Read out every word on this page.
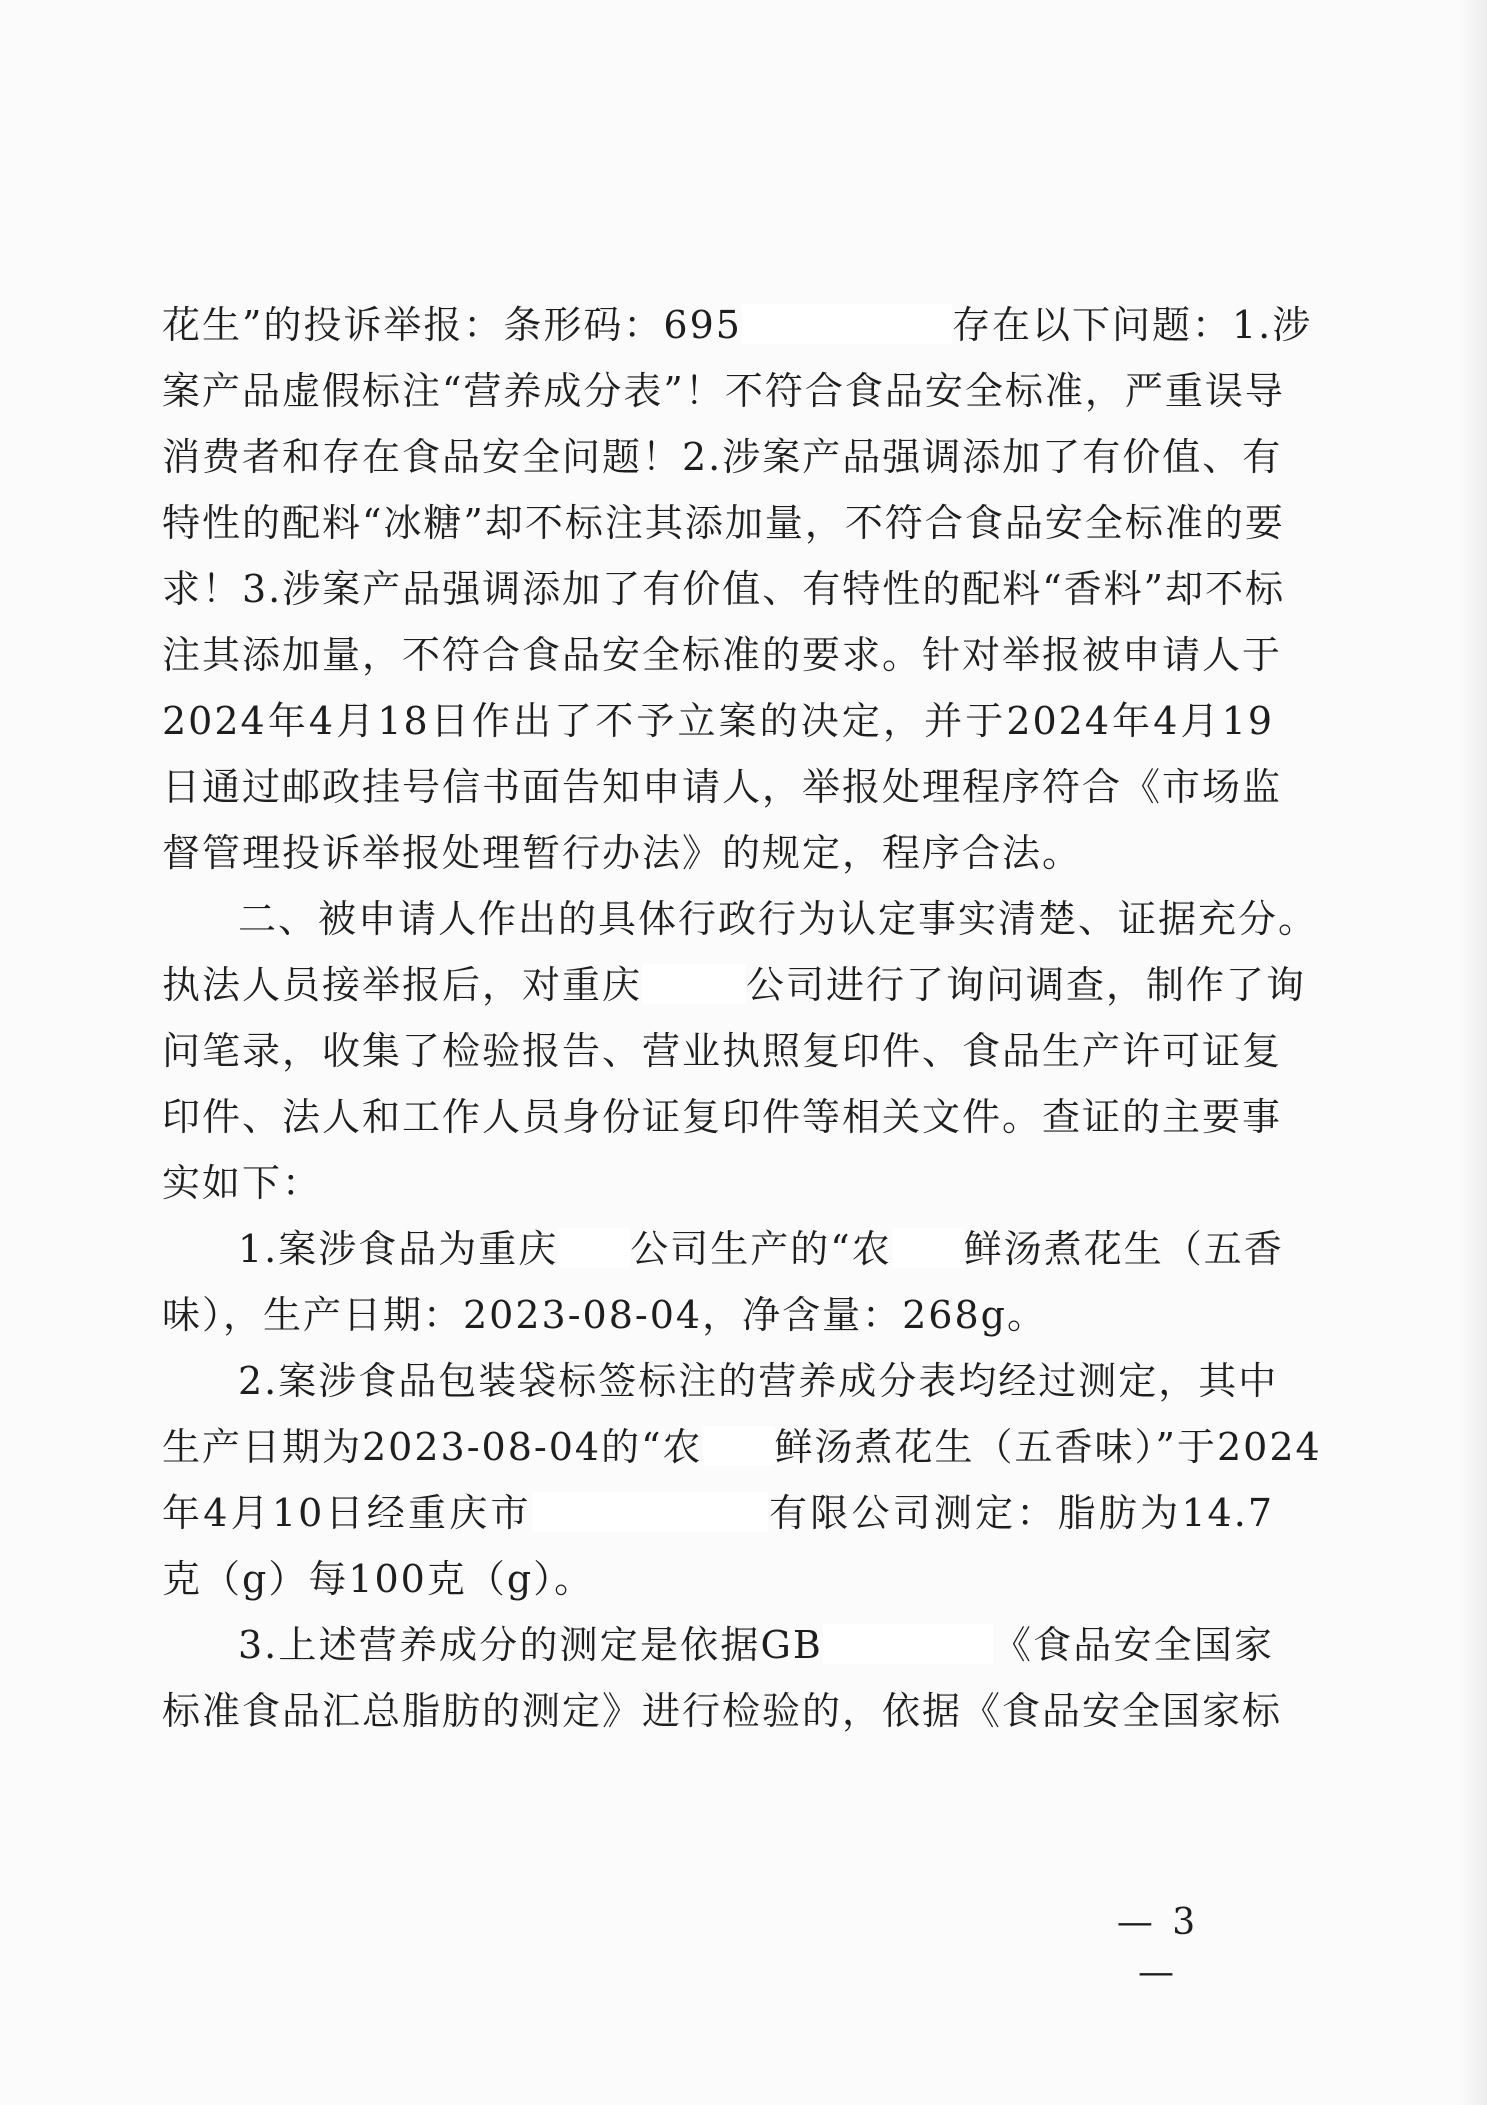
花生”的投诉举报：条形码：695	存在以下问题：1.涉
案产品虚假标注“营养成分表”！不符合食品安全标准，严重误导
消费者和存在食品安全问题！2.涉案产品强调添加了有价值、有
特性的配料“冰糖”却不标注其添加量，不符合食品安全标准的要
求！3.涉案产品强调添加了有价值、有特性的配料“香料”却不标
注其添加量，不符合食品安全标准的要求。针对举报被申请人于
2024年4月18日作出了不予立案的决定，并于2024年4月19
日通过邮政挂号信书面告知申请人，举报处理程序符合《市场监
督管理投诉举报处理暂行办法》的规定，程序合法。
二、被申请人作出的具体行政行为认定事实清楚、证据充分。
执法人员接举报后，对重庆	公司进行了询问调查，制作了询
问笔录，收集了检验报告、营业执照复印件、食品生产许可证复
印件、法人和工作人员身份证复印件等相关文件。查证的主要事
实如下：
1.案涉食品为重庆 公司生产的“农 鲜汤煮花生（五香
味），生产日期：2023-08-04，净含量：268g。
2.案涉食品包装袋标签标注的营养成分表均经过测定，其中
生产日期为2023-08-04的“农 鲜汤煮花生（五香味）”于2024
年4月10日经重庆市	有限公司测定：脂肪为14.7
克（g）每100克（g）。
3.上述营养成分的测定是依据GB	《食品安全国家
标准食品汇总脂肪的测定》进行检验的，依据《食品安全国家标
— 3 —
